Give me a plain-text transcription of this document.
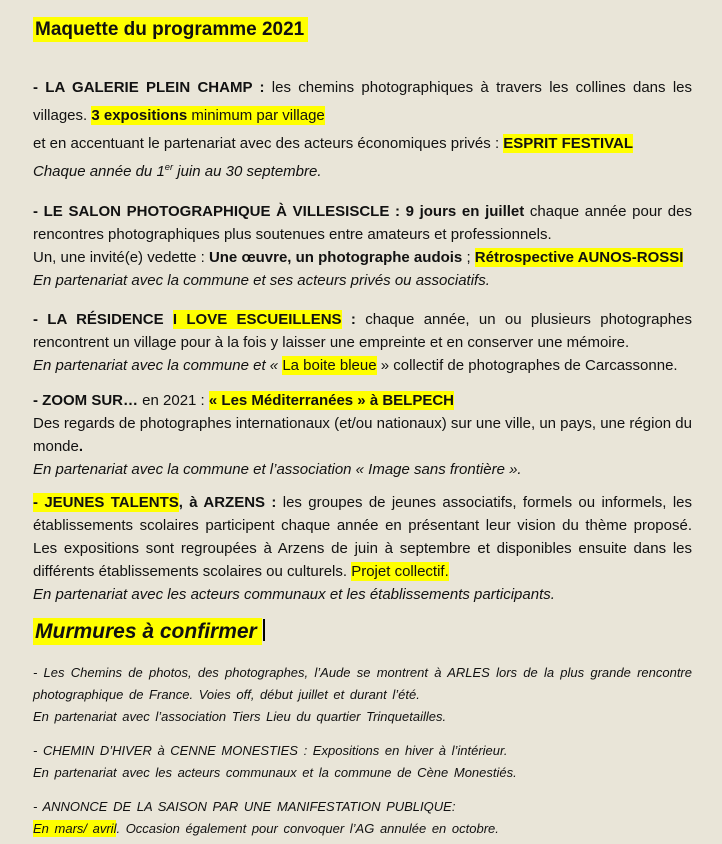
Maquette du programme 2021

- LA GALERIE PLEIN CHAMP : les chemins photographiques à travers les collines dans les villages. 3 expositions minimum par village
et en accentuant le partenariat avec des acteurs économiques privés : ESPRIT FESTIVAL
Chaque année du 1er juin au 30 septembre.

- LE SALON PHOTOGRAPHIQUE À VILLESISCLE : 9 jours en juillet chaque année pour des rencontres photographiques plus soutenues entre amateurs et professionnels.
Un, une invité(e) vedette : Une œuvre, un photographe audois ; Rétrospective AUNOS-ROSSI
En partenariat avec la commune et ses acteurs privés ou associatifs.

- LA RÉSIDENCE I LOVE ESCUEILLENS : chaque année, un ou plusieurs photographes rencontrent un village pour à la fois y laisser une empreinte et en conserver une mémoire.
En partenariat avec la commune et « La boite bleue » collectif de photographes de Carcassonne.

- ZOOM SUR… en 2021 : « Les Méditerranées » à BELPECH
Des regards de photographes internationaux (et/ou nationaux) sur une ville, un pays, une région du monde.
En partenariat avec la commune et l’association « Image sans frontière ».

- JEUNES TALENTS, à ARZENS : les groupes de jeunes associatifs, formels ou informels, les établissements scolaires participent chaque année en présentant leur vision du thème proposé. Les expositions sont regroupées à Arzens de juin à septembre et disponibles ensuite dans les différents établissements scolaires ou culturels. Projet collectif.
En partenariat avec les acteurs communaux et les établissements participants.

Murmures à confirmer

- Les Chemins de photos, des photographes, l’Aude se montrent à ARLES lors de la plus grande rencontre photographique de France. Voies off, début juillet et durant l’été.
En partenariat avec l’association Tiers Lieu du quartier Trinquetailles.

- CHEMIN D’HIVER à CENNE MONESTIES : Expositions en hiver à l’intérieur.
En partenariat avec les acteurs communaux et la commune de Cène Monestiés.

- ANNONCE DE LA SAISON PAR UNE MANIFESTATION PUBLIQUE:
En mars/ avril. Occasion également pour convoquer l’AG annulée en octobre.
